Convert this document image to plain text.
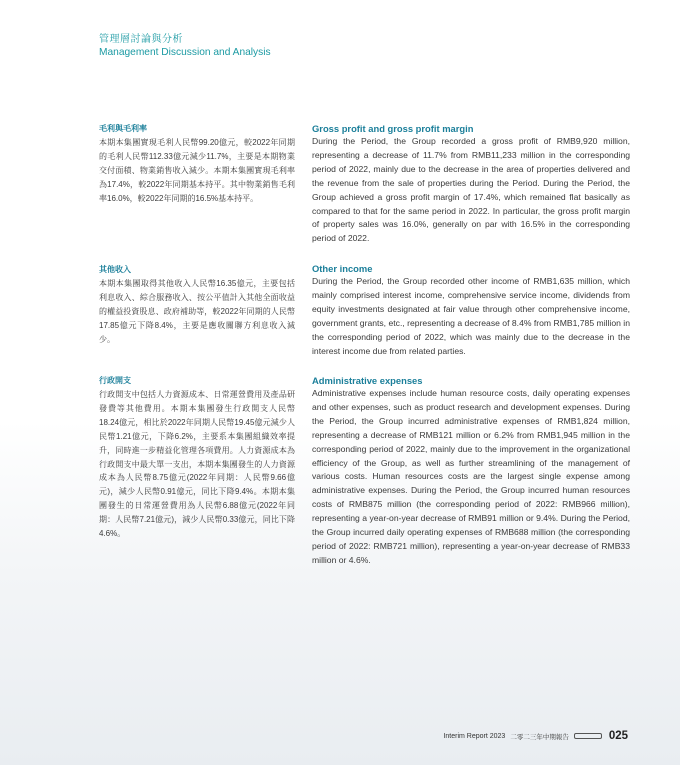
管理層討論與分析
Management Discussion and Analysis
毛利與毛利率

本期本集團實現毛利人民幣99.20億元，較2022年同期的毛利人民幣112.33億元減少11.7%，主要是本期物業交付面積、物業銷售收入減少。本期本集團實現毛利率為17.4%，較2022年同期基本持平。其中物業銷售毛利率16.0%，較2022年同期的16.5%基本持平。

Gross profit and gross profit margin

During the Period, the Group recorded a gross profit of RMB9,920 million, representing a decrease of 11.7% from RMB11,233 million in the corresponding period of 2022, mainly due to the decrease in the area of properties delivered and the revenue from the sale of properties during the Period. During the Period, the Group achieved a gross profit margin of 17.4%, which remained flat basically as compared to that for the same period in 2022. In particular, the gross profit margin of property sales was 16.0%, generally on par with 16.5% in the corresponding period of 2022.

其他收入

本期本集團取得其他收入人民幣16.35億元，主要包括利息收入、綜合服務收入、按公平值計入其他全面收益的權益投資股息、政府補助等，較2022年同期的人民幣17.85億元下降8.4%，主要是應收關聯方利息收入減少。

Other income

During the Period, the Group recorded other income of RMB1,635 million, which mainly comprised interest income, comprehensive service income, dividends from equity investments designated at fair value through other comprehensive income, government grants, etc., representing a decrease of 8.4% from RMB1,785 million in the corresponding period of 2022, which was mainly due to the decrease in the interest income due from related parties.

行政開支

行政開支中包括人力資源成本、日常運營費用及產品研發費等其他費用。本期本集團發生行政開支人民幣18.24億元，相比於2022年同期人民幣19.45億元減少人民幣1.21億元，下降6.2%，主要系本集團組織效率提升，同時進一步精益化管理各項費用。人力資源成本為行政開支中最大單一支出，本期本集團發生的人力資源成本為人民幣8.75億元(2022年同期：人民幣9.66億元)，減少人民幣0.91億元，同比下降9.4%。本期本集團發生的日常運營費用為人民幣6.88億元(2022年同期：人民幣7.21億元)，減少人民幣0.33億元，同比下降4.6%。

Administrative expenses

Administrative expenses include human resource costs, daily operating expenses and other expenses, such as product research and development expenses. During the Period, the Group incurred administrative expenses of RMB1,824 million, representing a decrease of RMB121 million or 6.2% from RMB1,945 million in the corresponding period of 2022, mainly due to the improvement in the organizational efficiency of the Group, as well as further streamlining of the management of various costs. Human resources costs are the largest single expense among administrative expenses. During the Period, the Group incurred human resources costs of RMB875 million (the corresponding period of 2022: RMB966 million), representing a year-on-year decrease of RMB91 million or 9.4%. During the Period, the Group incurred daily operating expenses of RMB688 million (the corresponding period of 2022: RMB721 million), representing a year-on-year decrease of RMB33 million or 4.6%.

Interim Report 2023 二零二三年中期報告	025
